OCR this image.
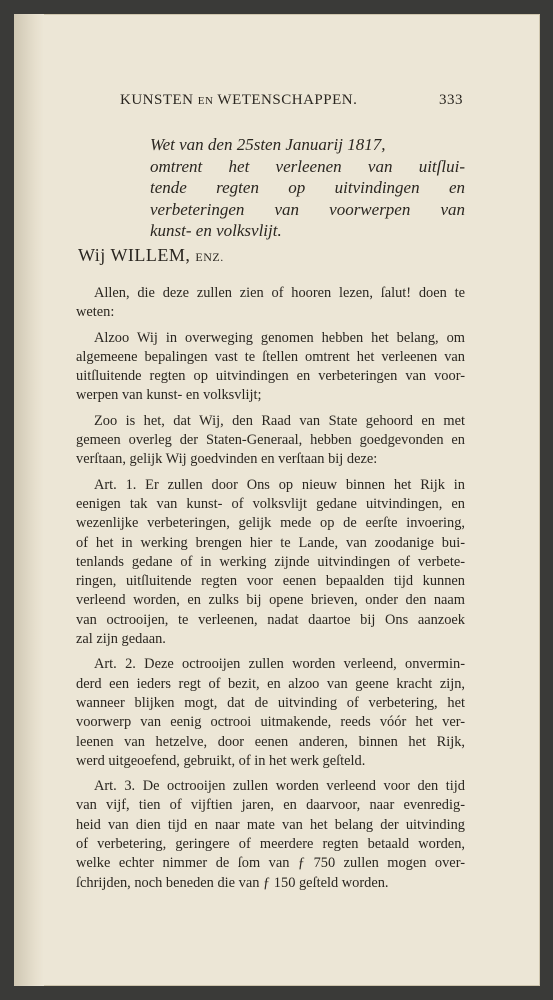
KUNSTEN EN WETENSCHAPPEN.	333
Wet van den 25sten Januarij 1817,
omtrent het verleenen van uitſlui-
tende regten op uitvindingen en
verbeteringen van voorwerpen van
kunst- en volksvlijt.
Wij WILLEM, ENZ.

Allen, die deze zullen zien of hooren lezen, ſalut! doen te
weten:

Alzoo Wij in overweging genomen hebben het belang, om
algemeene bepalingen vast te ſtellen omtrent het verleenen van
uitſluitende regten op uitvindingen en verbeteringen van voor-
werpen van kunst- en volksvlijt;

Zoo is het, dat Wij, den Raad van State gehoord en met
gemeen overleg der Staten-Generaal, hebben goedgevonden en
verſtaan, gelijk Wij goedvinden en verſtaan bij deze:

Art. 1. Er zullen door Ons op nieuw binnen het Rijk in
eenigen tak van kunst- of volksvlijt gedane uitvindingen, en
wezenlijke verbeteringen, gelijk mede op de eerſte invoering,
of het in werking brengen hier te Lande, van zoodanige bui-
tenlands gedane of in werking zijnde uitvindingen of verbete-
ringen, uitſluitende regten voor eenen bepaalden tijd kunnen
verleend worden, en zulks bij opene brieven, onder den naam
van octrooijen, te verleenen, nadat daartoe bij Ons aanzoek
zal zijn gedaan.

Art. 2. Deze octrooijen zullen worden verleend, onvermin-
derd een ieders regt of bezit, en alzoo van geene kracht zijn,
wanneer blijken mogt, dat de uitvinding of verbetering, het
voorwerp van eenig octrooi uitmakende, reeds vóór het ver-
leenen van hetzelve, door eenen anderen, binnen het Rijk,
werd uitgeoefend, gebruikt, of in het werk geſteld.

Art. 3. De octrooijen zullen worden verleend voor den tijd
van vijf, tien of vijftien jaren, en daarvoor, naar evenredig-
heid van dien tijd en naar mate van het belang der uitvinding
of verbetering, geringere of meerdere regten betaald worden,
welke echter nimmer de ſom van ƒ 750 zullen mogen over-
ſchrijden, noch beneden die van ƒ 150 geſteld worden.
